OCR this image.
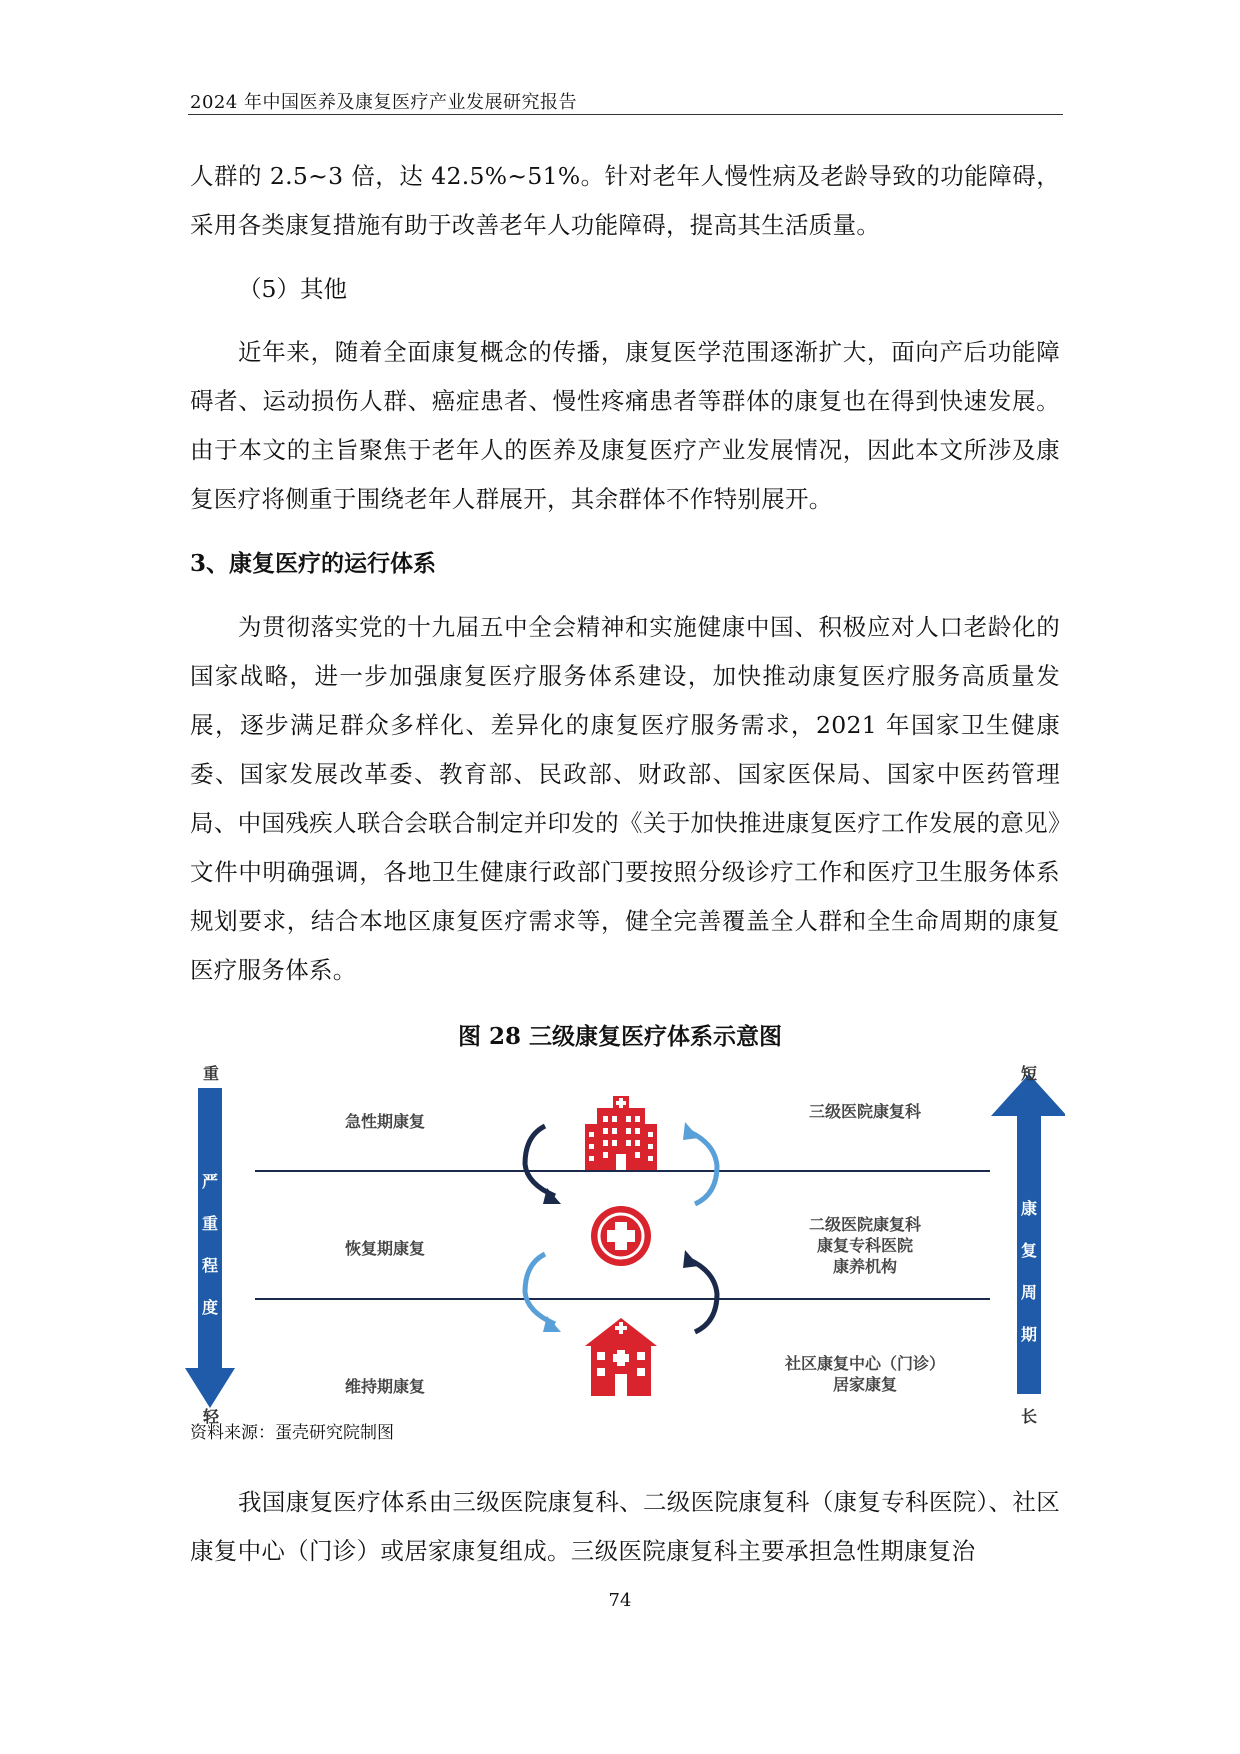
2024 年中国医养及康复医疗产业发展研究报告

人群的 2.5~3 倍，达 42.5%~51%。针对老年人慢性病及老龄导致的功能障碍，采用各类康复措施有助于改善老年人功能障碍，提高其生活质量。

（5）其他

近年来，随着全面康复概念的传播，康复医学范围逐渐扩大，面向产后功能障碍者、运动损伤人群、癌症患者、慢性疼痛患者等群体的康复也在得到快速发展。由于本文的主旨聚焦于老年人的医养及康复医疗产业发展情况，因此本文所涉及康复医疗将侧重于围绕老年人群展开，其余群体不作特别展开。

3、康复医疗的运行体系

为贯彻落实党的十九届五中全会精神和实施健康中国、积极应对人口老龄化的国家战略，进一步加强康复医疗服务体系建设，加快推动康复医疗服务高质量发展，逐步满足群众多样化、差异化的康复医疗服务需求，2021 年国家卫生健康委、国家发展改革委、教育部、民政部、财政部、国家医保局、国家中医药管理局、中国残疾人联合会联合制定并印发的《关于加快推进康复医疗工作发展的意见》文件中明确强调，各地卫生健康行政部门要按照分级诊疗工作和医疗卫生服务体系规划要求，结合本地区康复医疗需求等，健全完善覆盖全人群和全生命周期的康复医疗服务体系。

图 28 三级康复医疗体系示意图
重
轻
短
长
严
重
程
度
康
复
周
期
急性期康复
恢复期康复
维持期康复
三级医院康复科
二级医院康复科
康复专科医院
康养机构
社区康复中心（门诊）
居家康复
资料来源：蛋壳研究院制图

我国康复医疗体系由三级医院康复科、二级医院康复科（康复专科医院）、社区康复中心（门诊）或居家康复组成。三级医院康复科主要承担急性期康复治

74
